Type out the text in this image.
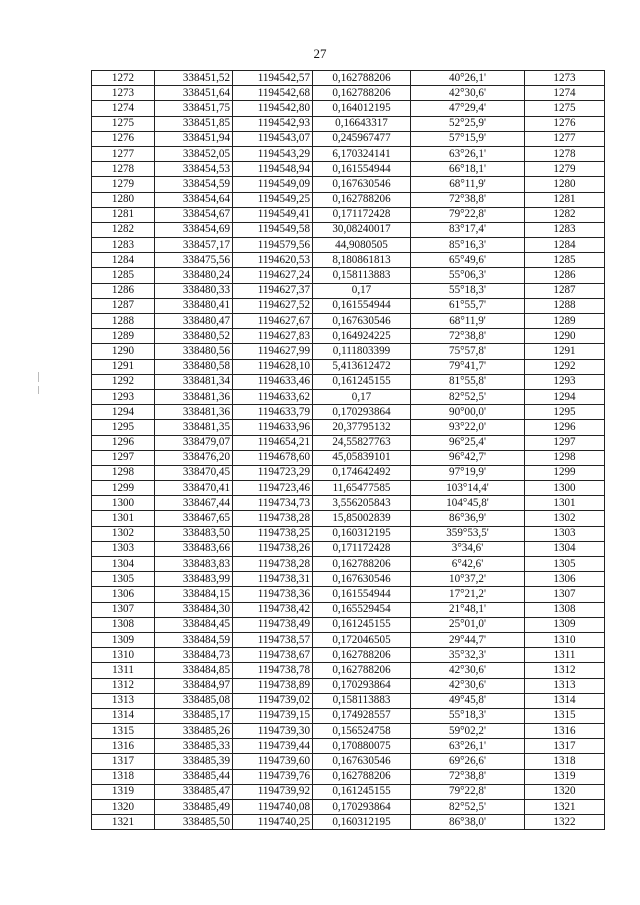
27
1272	338451,52	1194542,57	0,162788206	40°26,1'	1273
1273	338451,64	1194542,68	0,162788206	42°30,6'	1274
1274	338451,75	1194542,80	0,164012195	47°29,4'	1275
1275	338451,85	1194542,93	0,16643317	52°25,9'	1276
1276	338451,94	1194543,07	0,245967477	57°15,9'	1277
1277	338452,05	1194543,29	6,170324141	63°26,1'	1278
1278	338454,53	1194548,94	0,161554944	66°18,1'	1279
1279	338454,59	1194549,09	0,167630546	68°11,9'	1280
1280	338454,64	1194549,25	0,162788206	72°38,8'	1281
1281	338454,67	1194549,41	0,171172428	79°22,8'	1282
1282	338454,69	1194549,58	30,08240017	83°17,4'	1283
1283	338457,17	1194579,56	44,9080505	85°16,3'	1284
1284	338475,56	1194620,53	8,180861813	65°49,6'	1285
1285	338480,24	1194627,24	0,158113883	55°06,3'	1286
1286	338480,33	1194627,37	0,17	55°18,3'	1287
1287	338480,41	1194627,52	0,161554944	61°55,7'	1288
1288	338480,47	1194627,67	0,167630546	68°11,9'	1289
1289	338480,52	1194627,83	0,164924225	72°38,8'	1290
1290	338480,56	1194627,99	0,111803399	75°57,8'	1291
1291	338480,58	1194628,10	5,413612472	79°41,7'	1292
1292	338481,34	1194633,46	0,161245155	81°55,8'	1293
1293	338481,36	1194633,62	0,17	82°52,5'	1294
1294	338481,36	1194633,79	0,170293864	90°00,0'	1295
1295	338481,35	1194633,96	20,37795132	93°22,0'	1296
1296	338479,07	1194654,21	24,55827763	96°25,4'	1297
1297	338476,20	1194678,60	45,05839101	96°42,7'	1298
1298	338470,45	1194723,29	0,174642492	97°19,9'	1299
1299	338470,41	1194723,46	11,65477585	103°14,4'	1300
1300	338467,44	1194734,73	3,556205843	104°45,8'	1301
1301	338467,65	1194738,28	15,85002839	86°36,9'	1302
1302	338483,50	1194738,25	0,160312195	359°53,5'	1303
1303	338483,66	1194738,26	0,171172428	3°34,6'	1304
1304	338483,83	1194738,28	0,162788206	6°42,6'	1305
1305	338483,99	1194738,31	0,167630546	10°37,2'	1306
1306	338484,15	1194738,36	0,161554944	17°21,2'	1307
1307	338484,30	1194738,42	0,165529454	21°48,1'	1308
1308	338484,45	1194738,49	0,161245155	25°01,0'	1309
1309	338484,59	1194738,57	0,172046505	29°44,7'	1310
1310	338484,73	1194738,67	0,162788206	35°32,3'	1311
1311	338484,85	1194738,78	0,162788206	42°30,6'	1312
1312	338484,97	1194738,89	0,170293864	42°30,6'	1313
1313	338485,08	1194739,02	0,158113883	49°45,8'	1314
1314	338485,17	1194739,15	0,174928557	55°18,3'	1315
1315	338485,26	1194739,30	0,156524758	59°02,2'	1316
1316	338485,33	1194739,44	0,170880075	63°26,1'	1317
1317	338485,39	1194739,60	0,167630546	69°26,6'	1318
1318	338485,44	1194739,76	0,162788206	72°38,8'	1319
1319	338485,47	1194739,92	0,161245155	79°22,8'	1320
1320	338485,49	1194740,08	0,170293864	82°52,5'	1321
1321	338485,50	1194740,25	0,160312195	86°38,0'	1322
